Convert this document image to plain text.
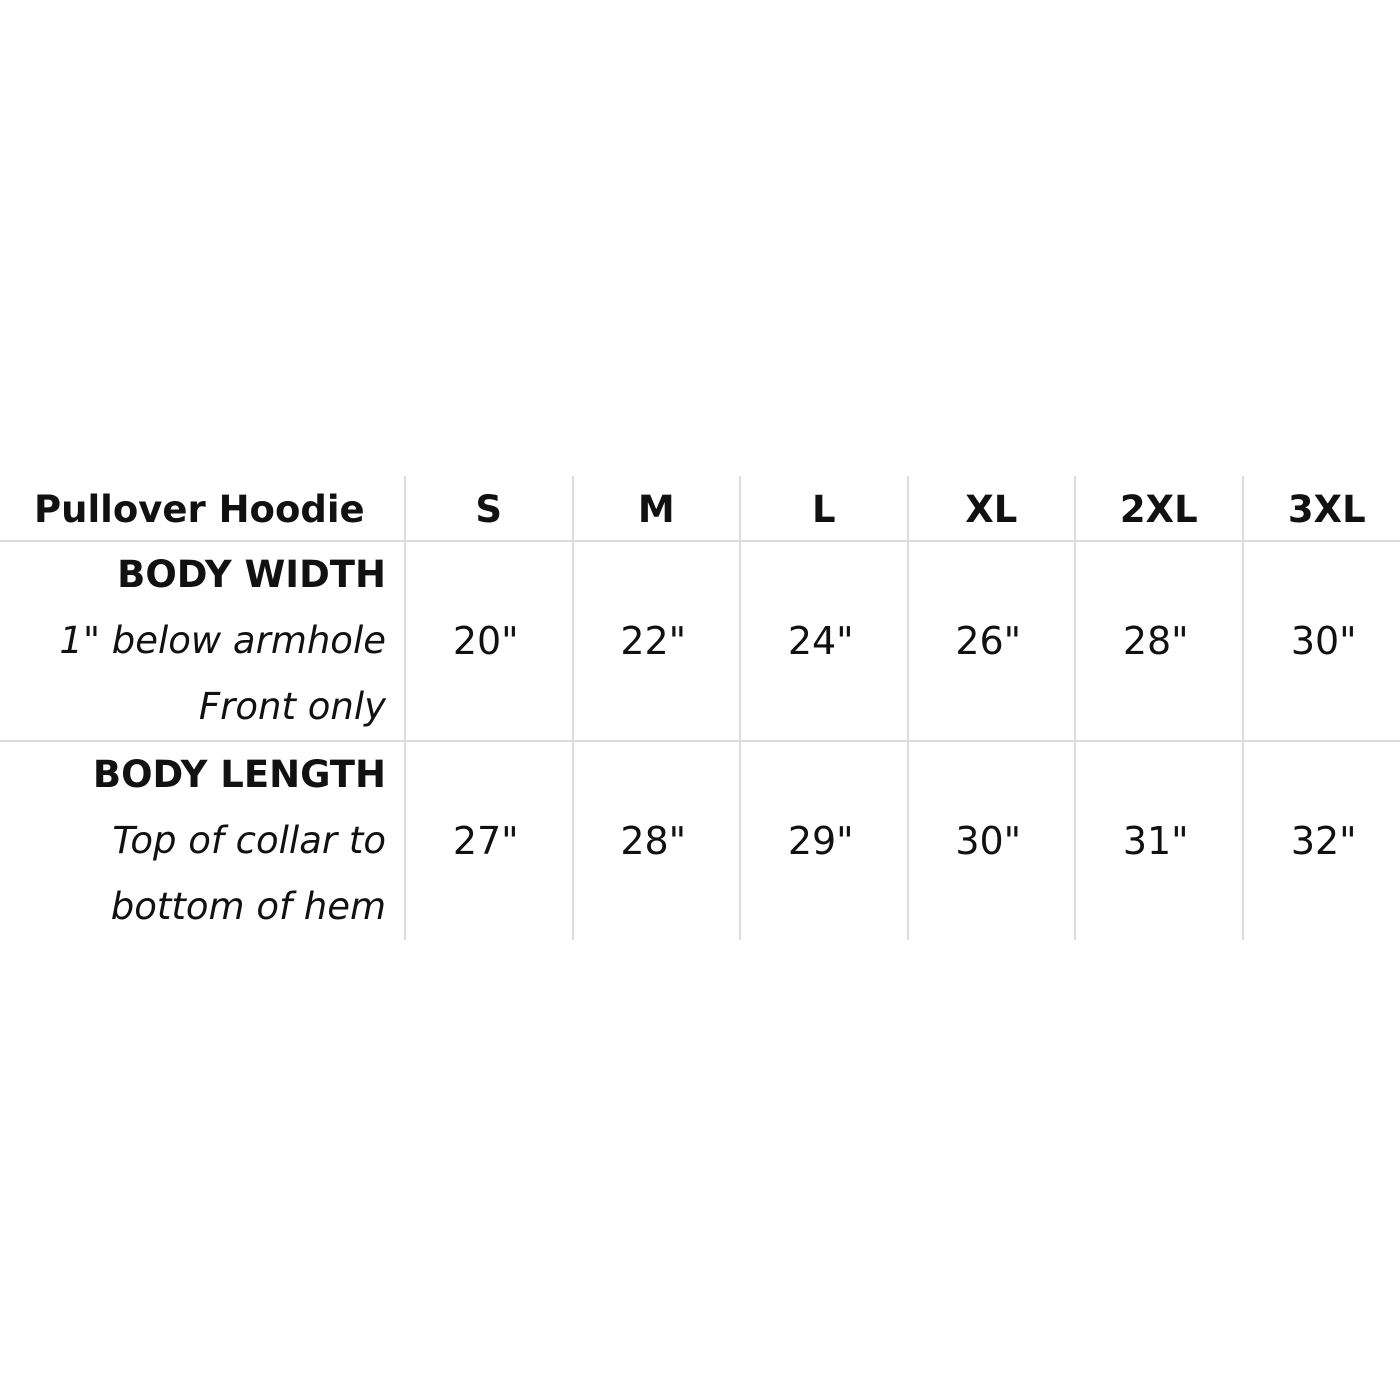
Pullover Hoodie	S	M	L	XL	2XL	3XL

BODY WIDTH
1" below armhole
Front only	20"	22"	24"	26"	28"	30"

BODY LENGTH
Top of collar to
bottom of hem	27"	28"	29"	30"	31"	32"
